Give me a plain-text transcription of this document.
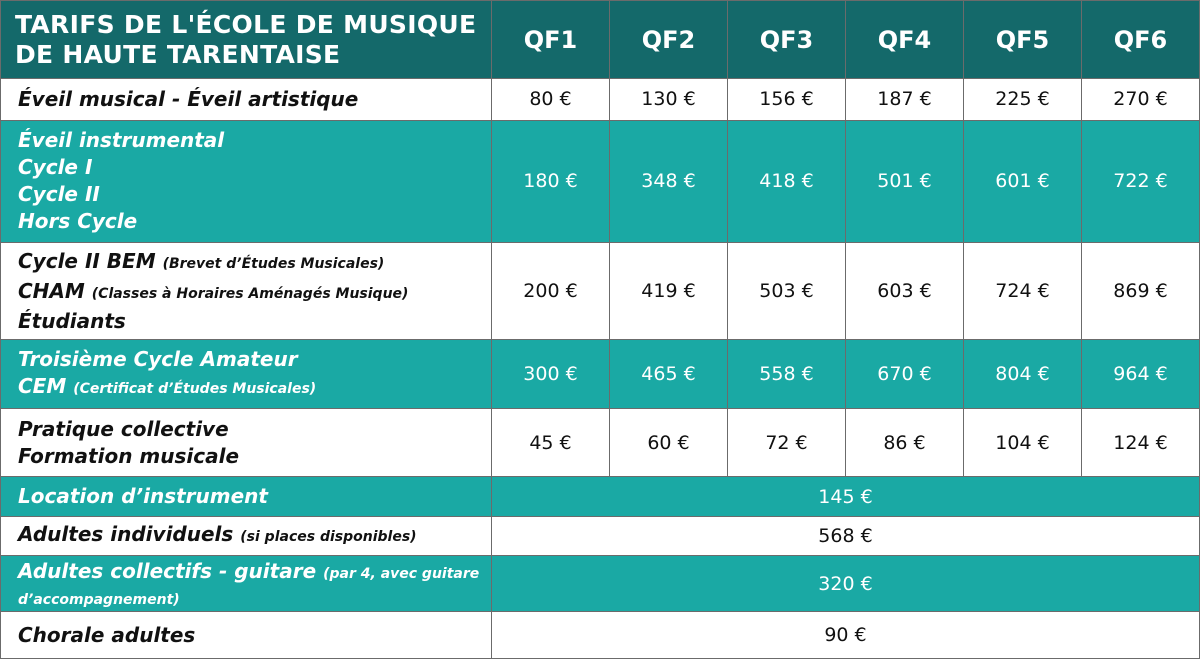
TARIFS DE L'ÉCOLE DE MUSIQUE
DE HAUTE TARENTAISE	QF1	QF2	QF3	QF4	QF5	QF6

Éveil musical - Éveil artistique	80 €	130 €	156 €	187 €	225 €	270 €

Éveil instrumental
Cycle I
Cycle II
Hors Cycle	180 €	348 €	418 €	501 €	601 €	722 €

Cycle II BEM (Brevet d’Études Musicales)
CHAM (Classes à Horaires Aménagés Musique)
Étudiants	200 €	419 €	503 €	603 €	724 €	869 €

Troisième Cycle Amateur
CEM (Certificat d’Études Musicales)	300 €	465 €	558 €	670 €	804 €	964 €

Pratique collective
Formation musicale	45 €	60 €	72 €	86 €	104 €	124 €

Location d’instrument	145 €					

Adultes individuels (si places disponibles)	568 €					

Adultes collectifs - guitare (par 4, avec guitare
d’accompagnement)	320 €					

Chorale adultes	90 €					
